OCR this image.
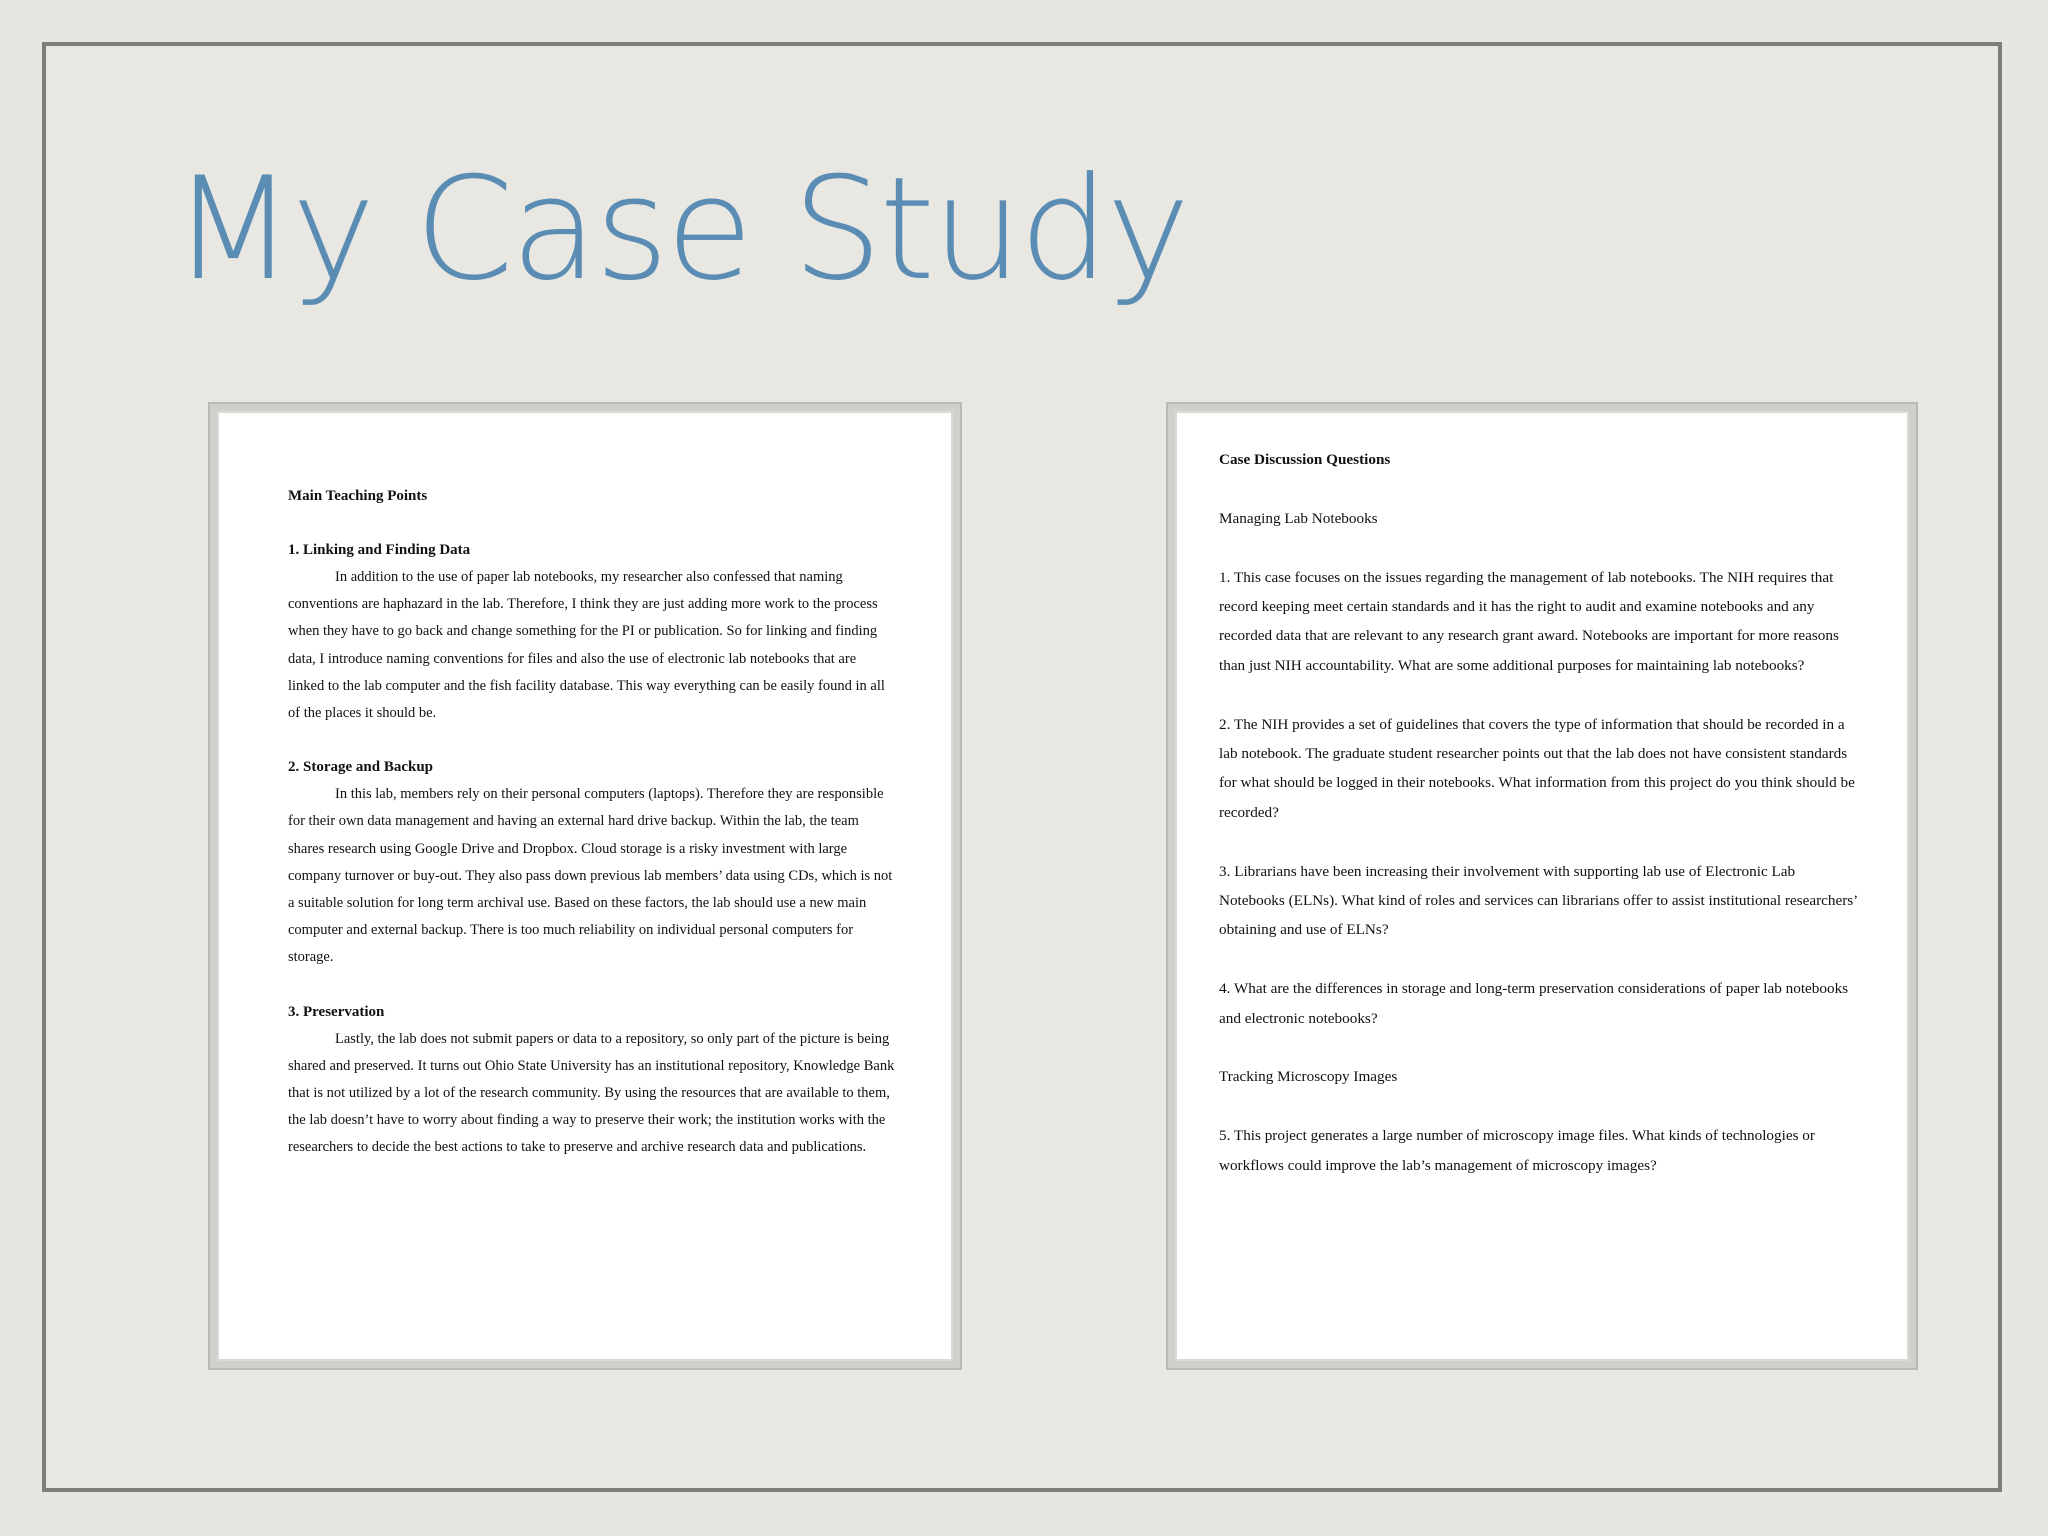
My Case Study

Main Teaching Points

1. Linking and Finding Data

In addition to the use of paper lab notebooks, my researcher also confessed that naming conventions are haphazard in the lab. Therefore, I think they are just adding more work to the process when they have to go back and change something for the PI or publication. So for linking and finding data, I introduce naming conventions for files and also the use of electronic lab notebooks that are linked to the lab computer and the fish facility database. This way everything can be easily found in all of the places it should be.

2. Storage and Backup

In this lab, members rely on their personal computers (laptops). Therefore they are responsible for their own data management and having an external hard drive backup. Within the lab, the team shares research using Google Drive and Dropbox. Cloud storage is a risky investment with large company turnover or buy-out. They also pass down previous lab members’ data using CDs, which is not a suitable solution for long term archival use. Based on these factors, the lab should use a new main computer and external backup. There is too much reliability on individual personal computers for storage.

3. Preservation

Lastly, the lab does not submit papers or data to a repository, so only part of the picture is being shared and preserved. It turns out Ohio State University has an institutional repository, Knowledge Bank that is not utilized by a lot of the research community. By using the resources that are available to them, the lab doesn’t have to worry about finding a way to preserve their work; the institution works with the researchers to decide the best actions to take to preserve and archive research data and publications.

Case Discussion Questions

Managing Lab Notebooks

1. This case focuses on the issues regarding the management of lab notebooks. The NIH requires that record keeping meet certain standards and it has the right to audit and examine notebooks and any recorded data that are relevant to any research grant award. Notebooks are important for more reasons than just NIH accountability. What are some additional purposes for maintaining lab notebooks?

2. The NIH provides a set of guidelines that covers the type of information that should be recorded in a lab notebook. The graduate student researcher points out that the lab does not have consistent standards for what should be logged in their notebooks. What information from this project do you think should be recorded?

3. Librarians have been increasing their involvement with supporting lab use of Electronic Lab Notebooks (ELNs). What kind of roles and services can librarians offer to assist institutional researchers’ obtaining and use of ELNs?

4. What are the differences in storage and long-term preservation considerations of paper lab notebooks and electronic notebooks?

Tracking Microscopy Images

5. This project generates a large number of microscopy image files. What kinds of technologies or workflows could improve the lab’s management of microscopy images?
